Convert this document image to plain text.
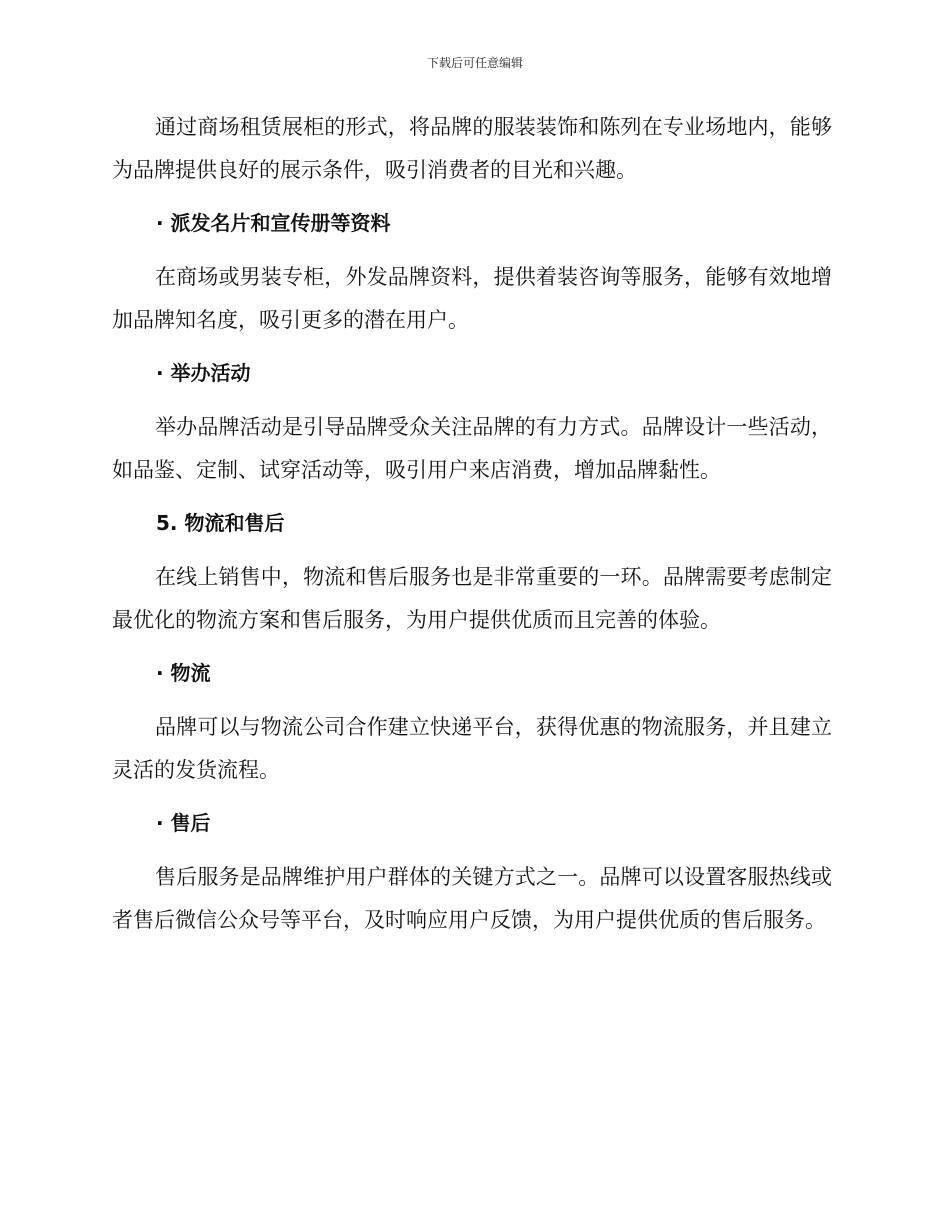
下载后可任意编辑

通过商场租赁展柜的形式，将品牌的服装装饰和陈列在专业场地内，能够为品牌提供良好的展示条件，吸引消费者的目光和兴趣。

· 派发名片和宣传册等资料

在商场或男装专柜，外发品牌资料，提供着装咨询等服务，能够有效地增加品牌知名度，吸引更多的潜在用户。

· 举办活动

举办品牌活动是引导品牌受众关注品牌的有力方式。品牌设计一些活动，如品鉴、定制、试穿活动等，吸引用户来店消费，增加品牌黏性。

5. 物流和售后

在线上销售中，物流和售后服务也是非常重要的一环。品牌需要考虑制定最优化的物流方案和售后服务，为用户提供优质而且完善的体验。

· 物流

品牌可以与物流公司合作建立快递平台，获得优惠的物流服务，并且建立灵活的发货流程。

· 售后

售后服务是品牌维护用户群体的关键方式之一。品牌可以设置客服热线或者售后微信公众号等平台，及时响应用户反馈，为用户提供优质的售后服务。
